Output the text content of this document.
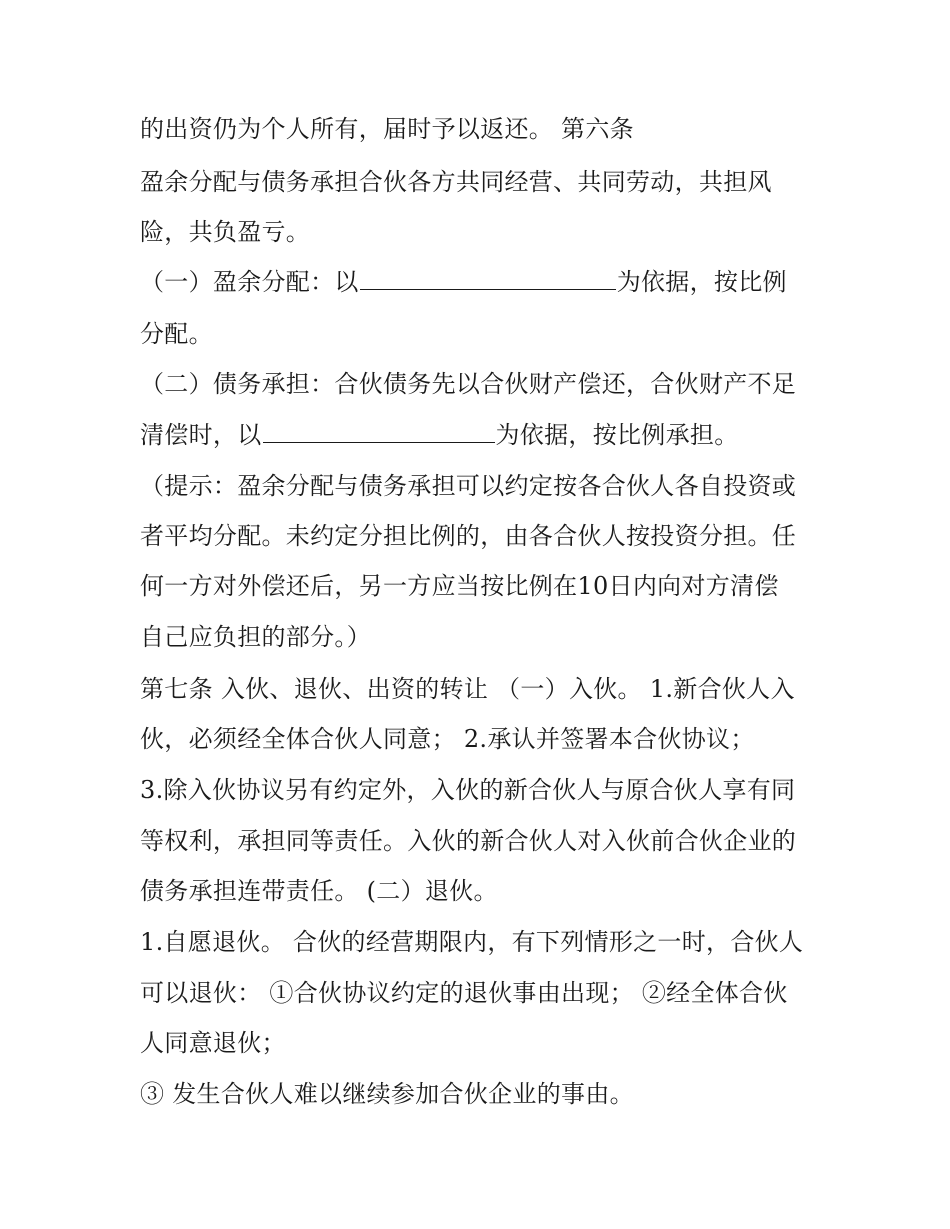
的出资仍为个人所有，届时予以返还。 第六条
盈余分配与债务承担合伙各方共同经营、共同劳动，共担风
险，共负盈亏。
（一）盈余分配：以	为依据，按比例
分配。
（二）债务承担：合伙债务先以合伙财产偿还，合伙财产不足
清偿时，以	为依据，按比例承担。
（提示：盈余分配与债务承担可以约定按各合伙人各自投资或
者平均分配。未约定分担比例的，由各合伙人按投资分担。任
何一方对外偿还后，另一方应当按比例在10日内向对方清偿
自己应负担的部分。）
第七条 入伙、退伙、出资的转让 （一）入伙。 1.新合伙人入
伙，必须经全体合伙人同意； 2.承认并签署本合伙协议；
3.除入伙协议另有约定外，入伙的新合伙人与原合伙人享有同
等权利，承担同等责任。入伙的新合伙人对入伙前合伙企业的
债务承担连带责任。 (二）退伙。
1.自愿退伙。 合伙的经营期限内，有下列情形之一时，合伙人
可以退伙： ①合伙协议约定的退伙事由出现； ②经全体合伙
人同意退伙；
③ 发生合伙人难以继续参加合伙企业的事由。
